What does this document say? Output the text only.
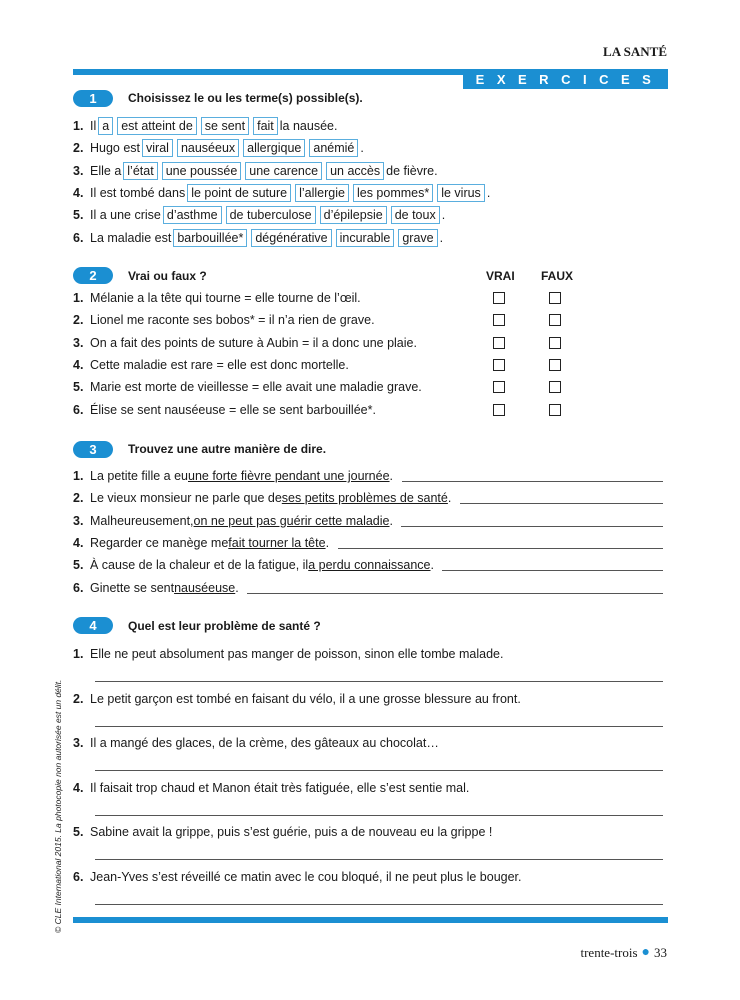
LA SANTÉ
EXERCICES
1	Choisissez le ou les terme(s) possible(s).
1. Il a est atteint de se sent fait la nausée.
2. Hugo est viral nauséeux allergique anémié .
3. Elle a l’état une poussée une carence un accès de fièvre.
4. Il est tombé dans le point de suture l’allergie les pommes* le virus .
5. Il a une crise d’asthme de tuberculose d’épilepsie de toux .
6. La maladie est barbouillée* dégénérative incurable grave .
2	Vrai ou faux ?	VRAI FAUX
1. Mélanie a la tête qui tourne = elle tourne de l’œil.
2. Lionel me raconte ses bobos* = il n’a rien de grave.
3. On a fait des points de suture à Aubin = il a donc une plaie.
4. Cette maladie est rare = elle est donc mortelle.
5. Marie est morte de vieillesse = elle avait une maladie grave.
6. Élise se sent nauséeuse = elle se sent barbouillée*.
3	Trouvez une autre manière de dire.
1. La petite fille a eu une forte fièvre pendant une journée .
2. Le vieux monsieur ne parle que de ses petits problèmes de santé .
3. Malheureusement, on ne peut pas guérir cette maladie .
4. Regarder ce manège me fait tourner la tête .
5. À cause de la chaleur et de la fatigue, il a perdu connaissance .
6. Ginette se sent nauséeuse .
4	Quel est leur problème de santé ?
1. Elle ne peut absolument pas manger de poisson, sinon elle tombe malade.
2. Le petit garçon est tombé en faisant du vélo, il a une grosse blessure au front.
3. Il a mangé des glaces, de la crème, des gâteaux au chocolat…
4. Il faisait trop chaud et Manon était très fatiguée, elle s’est sentie mal.
5. Sabine avait la grippe, puis s’est guérie, puis a de nouveau eu la grippe !
6. Jean-Yves s’est réveillé ce matin avec le cou bloqué, il ne peut plus le bouger.
trente-trois ● 33
© CLE International 2015. La photocopie non autorisée est un délit.
